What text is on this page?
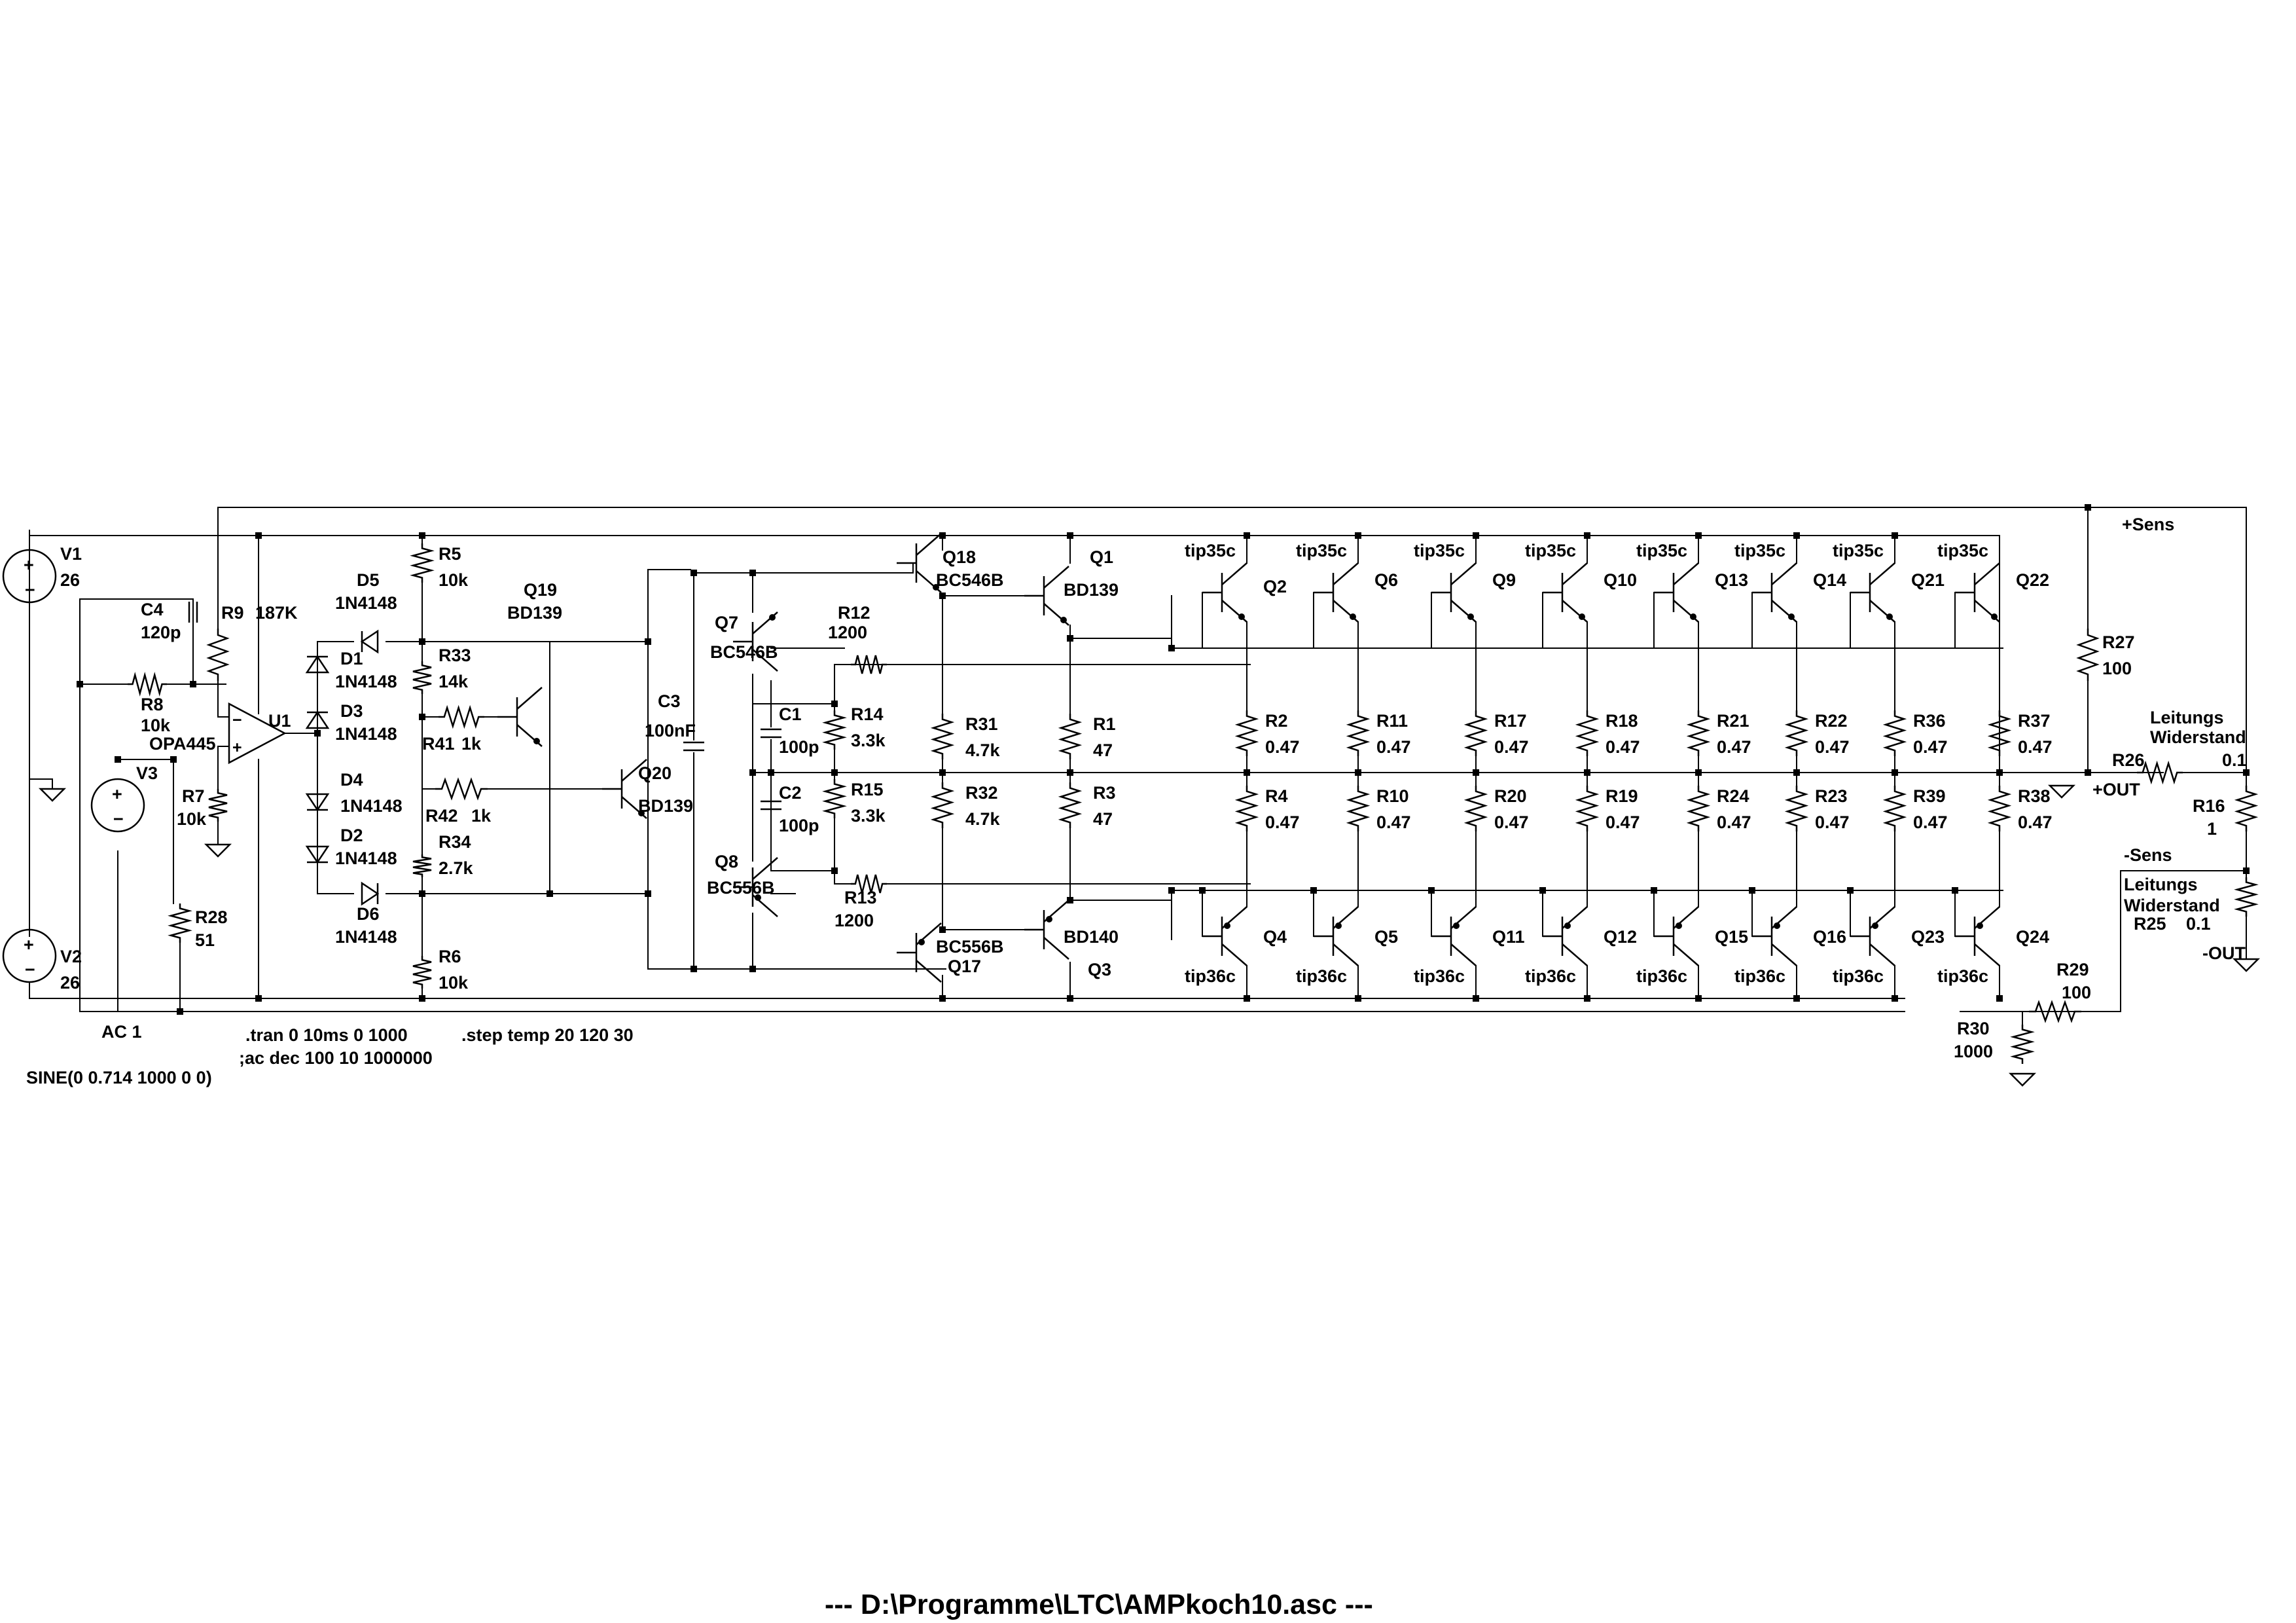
+
−
+
−
+
−
−
+
V1
26
V2
26
V3
AC 1
SINE(0 0.714 1000 0 0)
C4
120p
R9 187K
R8
10k
R7
10k
R28
51
U1
OPA445
D5
1N4148
D1
1N4148
D3
1N4148
D4
1N4148
D2
1N4148
D6
1N4148
R5
10k
R33
14k
R41 1k
R42 1k
R34
2.7k
R6
10k
Q19
BD139
Q20
BD139
C3
100nF
Q7
BC546B
Q8
BC556B
R12
1200
R13
1200
C1
100p
C2
100p
R14
3.3k
R15
3.3k
Q18
BC546B
Q17
BC556B
R31
4.7k
R32
4.7k
Q1
BD139
Q3
BD140
R1
47
R3
47
+Sens
R27
100
Leitungs
Widerstand
R26	0.1
R16
1
-Sens
Leitungs
Widerstand
R25 0.1
-OUT
+OUT
R29
100
R30
1000
.tran 0 10ms 0 1000
;ac dec 100 10 1000000
.step temp 20 120 30
--- D:\Programme\LTC\AMPkoch10.asc ---
tip35c
Q2
R2
0.47
tip35c
Q6
R11
0.47
tip35c
Q9
R17
0.47
tip35c
Q10
R18
0.47
tip35c
Q13
R21
0.47
tip35c
Q14
R22
0.47
tip35c
Q21
R36
0.47
tip35c
Q22
R37
0.47
tip36c
Q4
R4
0.47
tip36c
Q5
R10
0.47
tip36c
Q11
R20
0.47
tip36c
Q12
R19
0.47
tip36c
Q15
R24
0.47
tip36c
Q16
R23
0.47
tip36c
Q23
R39
0.47
tip36c
Q24
R38
0.47
